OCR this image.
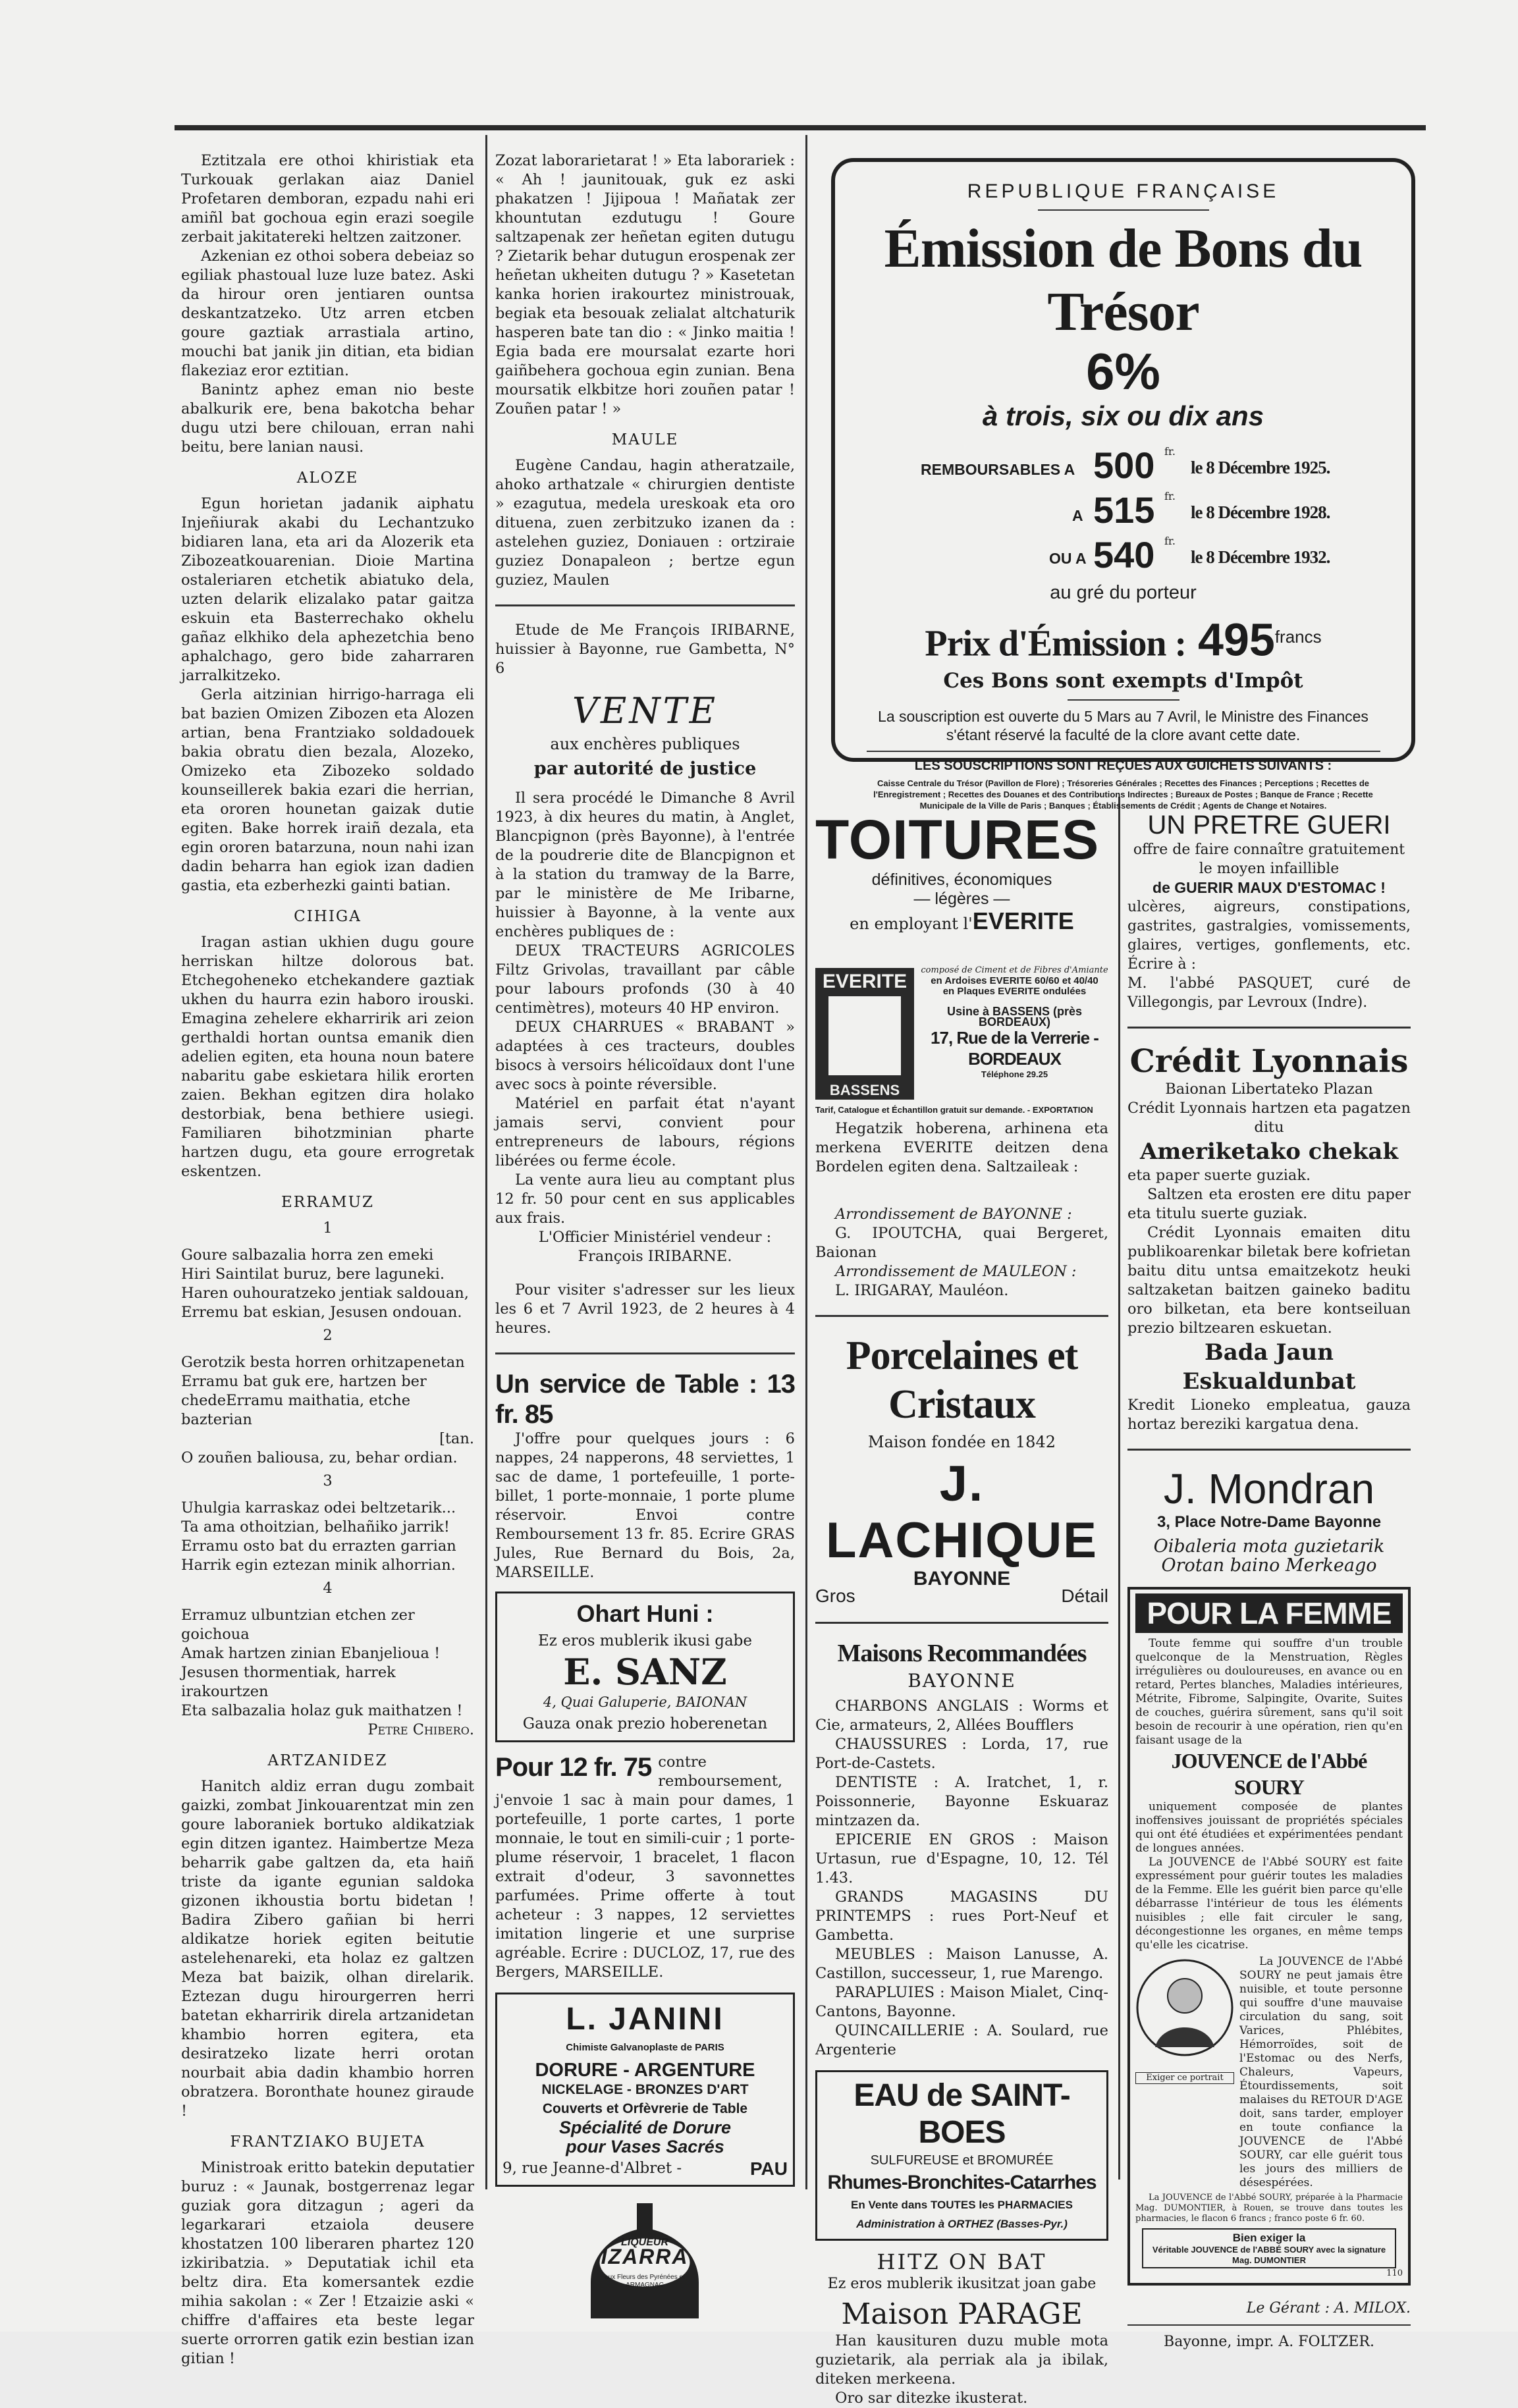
Eztitzala ere othoi khiristiak eta Turkouak gerlakan aiaz Daniel Profetaren demboran, ezpadu nahi eri amiñl bat gochoua egin erazi soegile zerbait jakitatereki heltzen zaitzoner.

Azkenian ez othoi sobera debeiaz so egiliak phastoual luze luze batez. Aski da hirour oren jentiaren ountsa deskantzatzeko. Utz arren etcben goure gaztiak arrastiala artino, mouchi bat janik jin ditian, eta bidian flakeziaz eror eztitian.

Banintz aphez eman nio beste abalkurik ere, bena bakotcha behar dugu utzi bere chilouan, erran nahi beitu, bere lanian nausi.

ALOZE

Egun horietan jadanik aiphatu Injeñiurak akabi du Lechantzuko bidiaren lana, eta ari da Alozerik eta Zibozeatkouarenian. Dioie Martina ostaleriaren etchetik abiatuko dela, uzten delarik elizalako patar gaitza eskuin eta Basterrechako okhelu gañaz elkhiko dela aphezetchia beno aphalchago, gero bide zaharraren jarralkitzeko.

Gerla aitzinian hirrigo-harraga eli bat bazien Omizen Zibozen eta Alozen artian, bena Frantziako soldadouek bakia obratu dien bezala, Alozeko, Omizeko eta Zibozeko soldado kounseillerek bakia ezari die herrian, eta ororen hounetan gaizak dutie egiten. Bake horrek iraiñ dezala, eta egin ororen batarzuna, noun nahi izan dadin beharra han egiok izan dadien gastia, eta ezberhezki gainti batian.

CIHIGA

Iragan astian ukhien dugu goure herriskan hiltze dolorous bat. Etchegoheneko etchekandere gaztiak ukhen du haurra ezin haboro irouski. Emagina zehelere ekharririk ari zeion gerthaldi hortan ountsa emanik dien adelien egiten, eta houna noun batere nabaritu gabe eskietara hilik erorten zaien. Bekhan egitzen dira holako destorbiak, bena bethiere usiegi. Familiaren bihotzminian pharte hartzen dugu, eta goure errogretak eskentzen.

ERRAMUZ

1

Goure salbazalia horra zen emeki

Hiri Saintilat buruz, bere laguneki.

Haren ouhouratzeko jentiak saldouan,

Erremu bat eskian, Jesusen ondouan.

2

Gerotzik besta horren orhitzapenetan

Erramu bat guk ere, hartzen ber chedeErramu maithatia, etche bazterian

[tan.

O zouñen baliousa, zu, behar ordian.

3

Uhulgia karraskaz odei beltzetarik...

Ta ama othoitzian, belhañiko jarrik!

Erramu osto bat du errazten garrian

Harrik egin eztezan minik alhorrian.

4

Erramuz ulbuntzian etchen zer goichoua

Amak hartzen zinian Ebanjelioua !

Jesusen thormentiak, harrek irakourtzen

Eta salbazalia holaz guk maithatzen !

Petre Chibero.

ARTZANIDEZ

Hanitch aldiz erran dugu zombait gaizki, zombat Jinkouarentzat min zen goure laboraniek bortuko aldikatziak egin ditzen igantez. Haimbertze Meza beharrik gabe galtzen da, eta haiñ triste da igante egunian saldoka gizonen ikhoustia bortu bidetan ! Badira Zibero gañian bi herri aldikatze horiek egiten beitutie astelehenareki, eta holaz ez galtzen Meza bat baizik, olhan direlarik. Eztezan dugu hirourgerren herri batetan ekharririk direla artzanidetan khambio horren egitera, eta desiratzeko lizate herri orotan nourbait abia dadin khambio horren obratzera. Boronthate hounez giraude !

FRANTZIAKO BUJETA

Ministroak eritto batekin deputatier buruz : « Jaunak, bostgerrenaz legar guziak gora ditzagun ; ageri da legarkarari etzaiola deusere khostatzen 100 liberaren phartez 120 izkiribatzia. » Deputatiak ichil eta beltz dira. Eta komersantek ezdie mihia sakolan : « Zer ! Etzaizie aski « chiffre d'affaires eta beste legar suerte orrorren gatik ezin bestian izan gitian !

Zozat laborarietarat ! » Eta laborariek : « Ah ! jaunitouak, guk ez aski phakatzen ! Jijipoua ! Mañatak zer khountutan ezdutugu ! Goure saltzapenak zer heñetan egiten dutugu ? Zietarik behar dutugun erospenak zer heñetan ukheiten dutugu ? » Kasetetan kanka horien irakourtez ministrouak, begiak eta besouak zelialat altchaturik hasperen bate tan dio : « Jinko maitia ! Egia bada ere moursalat ezarte hori gaiñbehera gochoua egin zunian. Bena moursatik elkbitze hori zouñen patar ! Zouñen patar ! »

MAULE

Eugène Candau, hagin atheratzaile, ahoko arthatzale « chirurgien dentiste » ezagutua, medela ureskoak eta oro dituena, zuen zerbitzuko izanen da : astelehen guziez, Doniauen : ortziraie guziez Donapaleon ; bertze egun guziez, Maulen

Etude de Me François IRIBARNE, huissier à Bayonne, rue Gambetta, N° 6

VENTE
aux enchères publiques
par autorité de justice

Il sera procédé le Dimanche 8 Avril 1923, à dix heures du matin, à Anglet, Blancpignon (près Bayonne), à l'entrée de la poudrerie dite de Blancpignon et à la station du tramway de la Barre, par le ministère de Me Iribarne, huissier à Bayonne, à la vente aux enchères publiques de :

DEUX TRACTEURS AGRICOLES Filtz Grivolas, travaillant par câble pour labours profonds (30 à 40 centimètres), moteurs 40 HP environ.

DEUX CHARRUES « BRABANT » adaptées à ces tracteurs, doubles bisocs à versoirs hélicoïdaux dont l'une avec socs à pointe réversible.

Matériel en parfait état n'ayant jamais servi, convient pour entrepreneurs de labours, régions libérées ou ferme école.

La vente aura lieu au comptant plus 12 fr. 50 pour cent en sus applicables aux frais.

L'Officier Ministériel vendeur :

François IRIBARNE.

Pour visiter s'adresser sur les lieux les 6 et 7 Avril 1923, de 2 heures à 4 heures.

Un service de Table : 13 fr. 85

J'offre pour quelques jours : 6 nappes, 24 napperons, 48 serviettes, 1 sac de dame, 1 portefeuille, 1 porte-billet, 1 porte-monnaie, 1 porte plume réservoir. Envoi contre Remboursement 13 fr. 85. Ecrire GRAS Jules, Rue Bernard du Bois, 2a, MARSEILLE.

Ohart Huni :
Ez eros mublerik ikusi gabe
E. SANZ
4, Quai Galuperie, BAIONAN
Gauza onak prezio hoberenetan
Pour 12 fr. 75 contre remboursement, j'envoie 1 sac à main pour dames, 1 portefeuille, 1 porte cartes, 1 porte monnaie, le tout en simili-cuir ; 1 porte-plume réservoir, 1 bracelet, 1 flacon extrait d'odeur, 3 savonnettes parfumées. Prime offerte à tout acheteur : 3 nappes, 12 serviettes imitation lingerie et une surprise agréable. Ecrire : DUCLOZ, 17, rue des Bergers, MARSEILLE.
L. JANINI
Chimiste Galvanoplaste de PARIS
DORURE - ARGENTURE
NICKELAGE - BRONZES D'ART
Couverts et Orfèvrerie de Table
Spécialité de Dorure
pour Vases Sacrés
9, rue Jeanne-d'Albret -	PAU
LIQUEUR
IZARRA
aux Fleurs des Pyrénées et ARMAGNAC
REPUBLIQUE FRANÇAISE
Émission de Bons du Trésor
6%
à trois, six ou dix ans
REMBOURSABLES A
A
OU A
500
515
540
fr.
fr.
fr.
le 8 Décembre 1925.
le 8 Décembre 1928.
le 8 Décembre 1932.
au gré du porteur
Prix d'Émission : $495^{francs}$
Ces Bons sont exempts d'Impôt
La souscription est ouverte du 5 Mars au 7 Avril, le Ministre des Finances s'étant réservé la faculté de la clore avant cette date.
LES SOUSCRIPTIONS SONT REÇUES AUX GUICHETS SUIVANTS :
Caisse Centrale du Trésor (Pavillon de Flore) ; Trésoreries Générales ; Recettes des Finances ; Perceptions ; Recettes de l'Enregistrement ; Recettes des Douanes et des Contributions Indirectes ; Bureaux de Postes ; Banque de France ; Recette Municipale de la Ville de Paris ; Banques ; Établissements de Crédit ; Agents de Change et Notaires.
TOITURES
définitives, économiques
— légères —
en employant l'EVERITE
EVERITE
BASSENS
composé de Ciment et de Fibres d'Amiante
en Ardoises EVERITE 60/60 et 40/40
en Plaques EVERITE ondulées
Usine à BASSENS (près BORDEAUX)
17, Rue de la Verrerie - BORDEAUX
Téléphone 29.25
Tarif, Catalogue et Échantillon gratuit sur demande. - EXPORTATION

Hegatzik hoberena, arhinena eta merkena EVERITE deitzen dena Bordelen egiten dena. Saltzaileak :

Arrondissement de BAYONNE :

G. IPOUTCHA, quai Bergeret, Baionan

Arrondissement de MAULEON :

L. IRIGARAY, Mauléon.

Porcelaines et Cristaux
Maison fondée en 1842
J. LACHIQUE
BAYONNE
Gros	Détail
Maisons Recommandées
BAYONNE

CHARBONS ANGLAIS : Worms et Cie, armateurs, 2, Allées Boufflers

CHAUSSURES : Lorda, 17, rue Port-de-Castets.

DENTISTE : A. Iratchet, 1, r. Poissonnerie, Bayonne Eskuaraz mintzazen da.

EPICERIE EN GROS : Maison Urtasun, rue d'Espagne, 10, 12. Tél 1.43.

GRANDS MAGASINS DU PRINTEMPS : rues Port-Neuf et Gambetta.

MEUBLES : Maison Lanusse, A. Castillon, successeur, 1, rue Marengo.

PARAPLUIES : Maison Mialet, Cinq-Cantons, Bayonne.

QUINCAILLERIE : A. Soulard, rue Argenterie

EAU de SAINT-BOES
SULFUREUSE et BROMURÉE
Rhumes-Bronchites-Catarrhes
En Vente dans TOUTES les PHARMACIES
Administration à ORTHEZ (Basses-Pyr.)
HITZ ON BAT
Ez eros mublerik ikusitzat joan gabe
Maison PARAGE

Han kausituren duzu muble mota guzietarik, ala perriak ala ja ibilak, diteken merkeena.

Oro sar ditezke ikusterat.

UN PRETRE GUERI

offre de faire connaître gratuitement le moyen infaillible

de GUERIR MAUX D'ESTOMAC !

ulcères, aigreurs, constipations, gastrites, gastralgies, vomissements, glaires, vertiges, gonflements, etc. Écrire à :

M. l'abbé PASQUET, curé de Villegongis, par Levroux (Indre).

Crédit Lyonnais

Baionan Libertateko Plazan

Crédit Lyonnais hartzen eta pagatzen ditu

Ameriketako chekak

eta paper suerte guziak.

Saltzen eta erosten ere ditu paper eta titulu suerte guziak.

Crédit Lyonnais emaiten ditu publikoarenkar biletak bere kofrietan baitu ditu untsa emaitzekotz heuki saltzaketan baitzen gaineko baditu oro bilketan, eta bere kontseiluan prezio biltzearen eskuetan.

Bada Jaun Eskualdunbat

Kredit Lioneko empleatua, gauza hortaz bereziki kargatua dena.

J. Mondran
3, Place Notre-Dame Bayonne
Oibaleria mota guzietarik
Orotan baino Merkeago
POUR LA FEMME

Toute femme qui souffre d'un trouble quelconque de la Menstruation, Règles irrégulières ou douloureuses, en avance ou en retard, Pertes blanches, Maladies intérieures, Métrite, Fibrome, Salpingite, Ovarite, Suites de couches, guérira sûrement, sans qu'il soit besoin de recourir à une opération, rien qu'en faisant usage de la

JOUVENCE de l'Abbé SOURY

uniquement composée de plantes inoffensives jouissant de propriétés spéciales qui ont été étudiées et expérimentées pendant de longues années.

La JOUVENCE de l'Abbé SOURY est faite expressément pour guérir toutes les maladies de la Femme. Elle les guérit bien parce qu'elle débarrasse l'intérieur de tous les éléments nuisibles ; elle fait circuler le sang, décongestionne les organes, en même temps qu'elle les cicatrise.

Exiger ce portrait

La JOUVENCE de l'Abbé SOURY ne peut jamais être nuisible, et toute personne qui souffre d'une mauvaise circulation du sang, soit Varices, Phlébites, Hémorroïdes, soit de l'Estomac ou des Nerfs, Chaleurs, Vapeurs, Étourdissements, soit malaises du RETOUR D'AGE doit, sans tarder, employer en toute confiance la JOUVENCE de l'Abbé SOURY, car elle guérit tous les jours des milliers de désespérées.

La JOUVENCE de l'Abbé SOURY, préparée à la Pharmacie Mag. DUMONTIER, à Rouen, se trouve dans toutes les pharmacies, le flacon 6 francs ; franco poste 6 fr. 60.

Bien exiger la
Véritable JOUVENCE de l'ABBÉ SOURY avec la signature Mag. DUMONTIER
110
Le Gérant : A. MILOX.
Bayonne, impr. A. FOLTZER.
